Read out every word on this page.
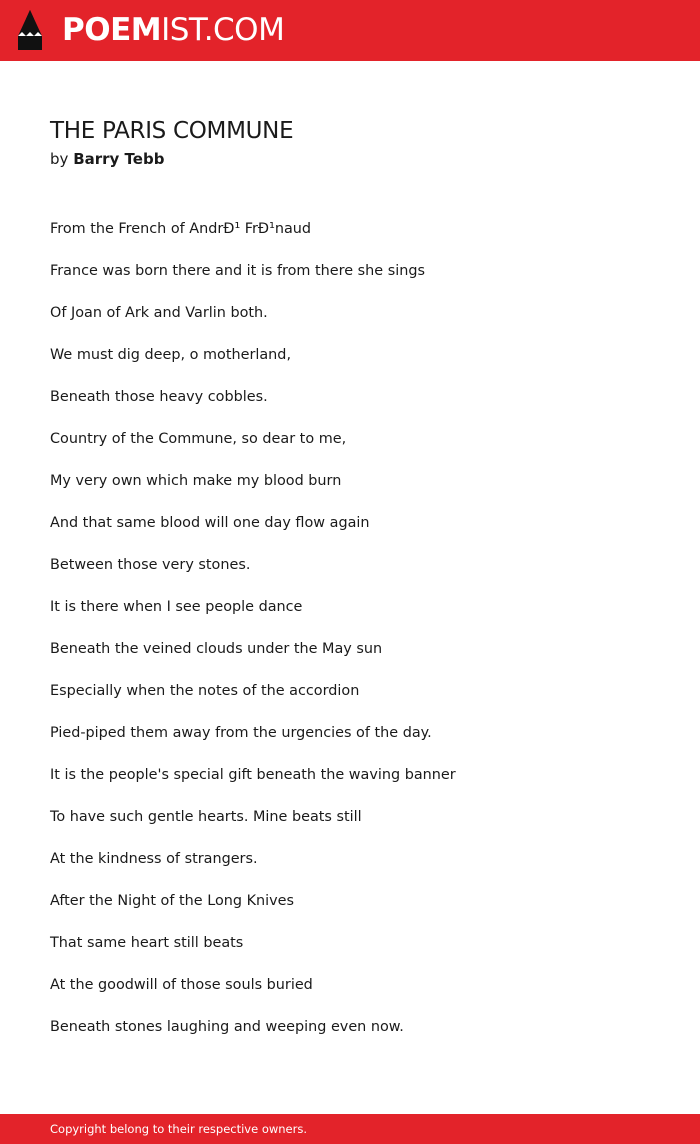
POEMIST.COM
THE PARIS COMMUNE
by Barry Tebb
From the French of AndrÐ¹ FrÐ¹naud
France was born there and it is from there she sings
Of Joan of Ark and Varlin both.
We must dig deep, o motherland,
Beneath those heavy cobbles.
Country of the Commune, so dear to me,
My very own which make my blood burn
And that same blood will one day flow again
Between those very stones.
It is there when I see people dance
Beneath the veined clouds under the May sun
Especially when the notes of the accordion
Pied-piped them away from the urgencies of the day.
It is the people's special gift beneath the waving banner
To have such gentle hearts. Mine beats still
At the kindness of strangers.
After the Night of the Long Knives
That same heart still beats
At the goodwill of those souls buried
Beneath stones laughing and weeping even now.
Copyright belong to their respective owners.
